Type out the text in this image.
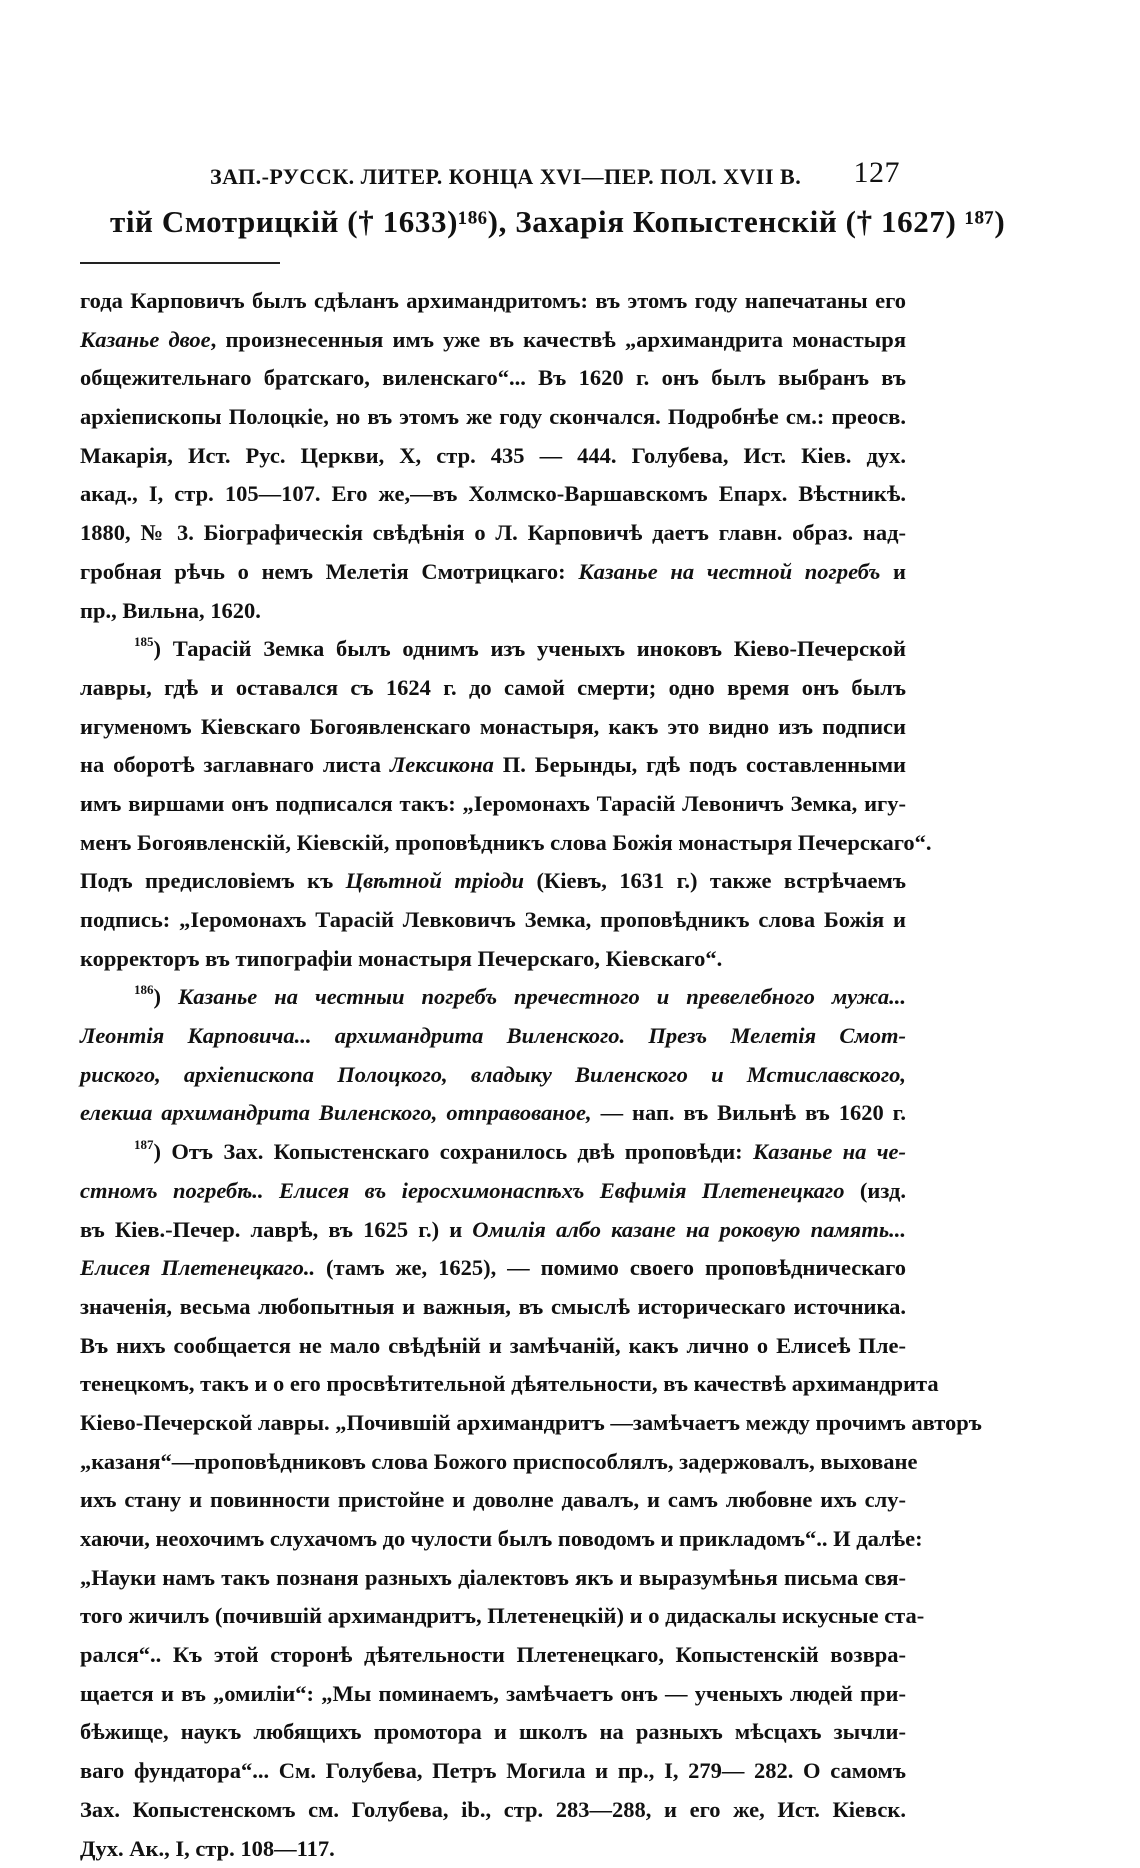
ЗАП.-РУССК. ЛИТЕР. КОНЦА XVI—ПЕР. ПОЛ. XVII В. 127
тій Смотрицкій († 1633)¹⁸⁶), Захарія Копыстенскій († 1627) ¹⁸⁷)
года Карповичъ былъ сдѣланъ архимандритомъ: въ этомъ году напечатаны его
Казанье двое, произнесенныя имъ уже въ качествѣ „архимандрита монастыря
общежительнаго братскаго, виленскаго“... Въ 1620 г. онъ былъ выбранъ въ
архіепископы Полоцкіе, но въ этомъ же году скончался. Подробнѣе см.: преосв.
Макарія, Ист. Рус. Церкви, X, стр. 435 — 444. Голубева, Ист. Кіев. дух.
акад., I, стр. 105—107. Его же,—въ Холмско-Варшавскомъ Епарх. Вѣстникѣ.
1880, № 3. Біографическія свѣдѣнія о Л. Карповичѣ даетъ главн. образ. над-
гробная рѣчь о немъ Мелетія Смотрицкаго: Казанье на честной погребъ и
пр., Вильна, 1620.
$^{185}$) Тарасій Земка былъ однимъ изъ ученыхъ иноковъ Кіево-Печерской
лавры, гдѣ и оставался съ 1624 г. до самой смерти; одно время онъ былъ
игуменомъ Кіевскаго Богоявленскаго монастыря, какъ это видно изъ подписи
на оборотѣ заглавнаго листа Лексикона П. Берынды, гдѣ подъ составленными
имъ виршами онъ подписался такъ: „Іеромонахъ Тарасій Левоничъ Земка, игу-
менъ Богоявленскій, Кіевскій, проповѣдникъ слова Божія монастыря Печерскаго“.
Подъ предисловіемъ къ Цвѣтной тріоди (Кіевъ, 1631 г.) также встрѣчаемъ
подпись: „Іеромонахъ Тарасій Левковичъ Земка, проповѣдникъ слова Божія и
корректоръ въ типографіи монастыря Печерскаго, Кіевскаго“.
$^{186}$) Казанье на честныи погребъ пречестного и превелебного мужа...
Леонтія Карповича... архимандрита Виленского. Презъ Мелетія Смот-
риского, архіепископа Полоцкого, владыку Виленского и Мстиславского,
елекша архимандрита Виленского, отправованое, — нап. въ Вильнѣ въ 1620 г.
$^{187}$) Отъ Зах. Копыстенскаго сохранилось двѣ проповѣди: Казанье на че-
стномъ погребѣ.. Елисея въ іеросхимонаспѣхъ Евфимія Плетенецкаго (изд.
въ Кіев.-Печер. лаврѣ, въ 1625 г.) и Омилія албо казане на роковую память...
Елисея Плетенецкаго.. (тамъ же, 1625), — помимо своего проповѣдническаго
значенія, весьма любопытныя и важныя, въ смыслѣ историческаго источника.
Въ нихъ сообщается не мало свѣдѣній и замѣчаній, какъ лично о Елисеѣ Пле-
тенецкомъ, такъ и о его просвѣтительной дѣятельности, въ качествѣ архимандрита
Кіево-Печерской лавры. „Почившій архимандритъ —замѣчаетъ между прочимъ авторъ
„казаня“—проповѣдниковъ слова Божого приспособлялъ, задержовалъ, выховане
ихъ стану и повинности пристойне и доволне давалъ, и самъ любовне ихъ слу-
хаючи, неохочимъ слухачомъ до чулости былъ поводомъ и прикладомъ“.. И далѣе:
„Науки намъ такъ познаня разныхъ діалектовъ якъ и выразумѣнья письма свя-
того жичилъ (почившій архимандритъ, Плетенецкій) и о дидаскалы искусные ста-
рался“.. Къ этой сторонѣ дѣятельности Плетенецкаго, Копыстенскій возвра-
щается и въ „омиліи“: „Мы поминаемъ, замѣчаетъ онъ — ученыхъ людей при-
бѣжище, наукъ любящихъ промотора и школъ на разныхъ мѣсцахъ зычли-
ваго фундатора“... См. Голубева, Петръ Могила и пр., I, 279— 282. О самомъ
Зах. Копыстенскомъ см. Голубева, ib., стр. 283—288, и его же, Ист. Кіевск.
Дух. Ак., I, стр. 108—117.
